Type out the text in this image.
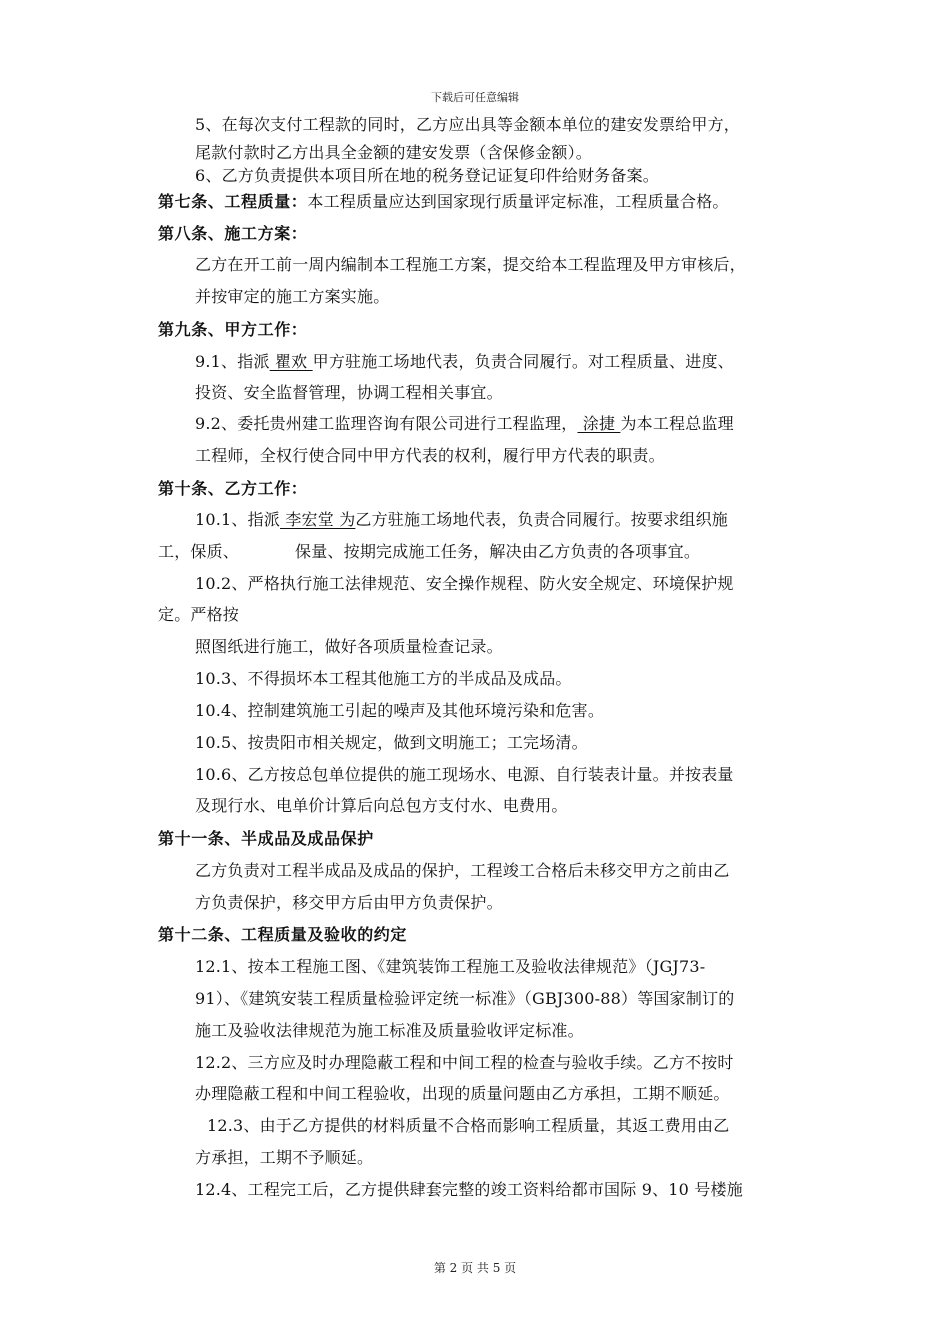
下载后可任意编辑
5、在每次支付工程款的同时，乙方应出具等金额本单位的建安发票给甲方，
尾款付款时乙方出具全金额的建安发票（含保修金额）。
6、乙方负责提供本项目所在地的税务登记证复印件给财务备案。
第七条、工程质量：本工程质量应达到国家现行质量评定标准，工程质量合格。
第八条、施工方案：
乙方在开工前一周内编制本工程施工方案，提交给本工程监理及甲方审核后，
并按审定的施工方案实施。
第九条、甲方工作：
9.1、指派 瞿欢 甲方驻施工场地代表，负责合同履行。对工程质量、进度、
投资、安全监督管理，协调工程相关事宜。
9.2、委托贵州建工监理咨询有限公司进行工程监理， 涂捷 为本工程总监理
工程师，全权行使合同中甲方代表的权利，履行甲方代表的职责。
第十条、乙方工作：
10.1、指派 李宏堂 为乙方驻施工场地代表，负责合同履行。按要求组织施
工，保质、	保量、按期完成施工任务，解决由乙方负责的各项事宜。
10.2、严格执行施工法律规范、安全操作规程、防火安全规定、环境保护规
定。严格按
照图纸进行施工，做好各项质量检查记录。
10.3、不得损坏本工程其他施工方的半成品及成品。
10.4、控制建筑施工引起的噪声及其他环境污染和危害。
10.5、按贵阳市相关规定，做到文明施工；工完场清。
10.6、乙方按总包单位提供的施工现场水、电源、自行装表计量。并按表量
及现行水、电单价计算后向总包方支付水、电费用。
第十一条、半成品及成品保护
乙方负责对工程半成品及成品的保护，工程竣工合格后未移交甲方之前由乙
方负责保护，移交甲方后由甲方负责保护。
第十二条、工程质量及验收的约定
12.1、按本工程施工图、《建筑装饰工程施工及验收法律规范》（JGJ73-
91）、《建筑安装工程质量检验评定统一标准》（GBJ300-88）等国家制订的
施工及验收法律规范为施工标准及质量验收评定标准。
12.2、三方应及时办理隐蔽工程和中间工程的检查与验收手续。乙方不按时
办理隐蔽工程和中间工程验收，出现的质量问题由乙方承担，工期不顺延。
12.3、由于乙方提供的材料质量不合格而影响工程质量，其返工费用由乙
方承担，工期不予顺延。
12.4、工程完工后，乙方提供肆套完整的竣工资料给都市国际 9、10 号楼施
第 2 页 共 5 页
